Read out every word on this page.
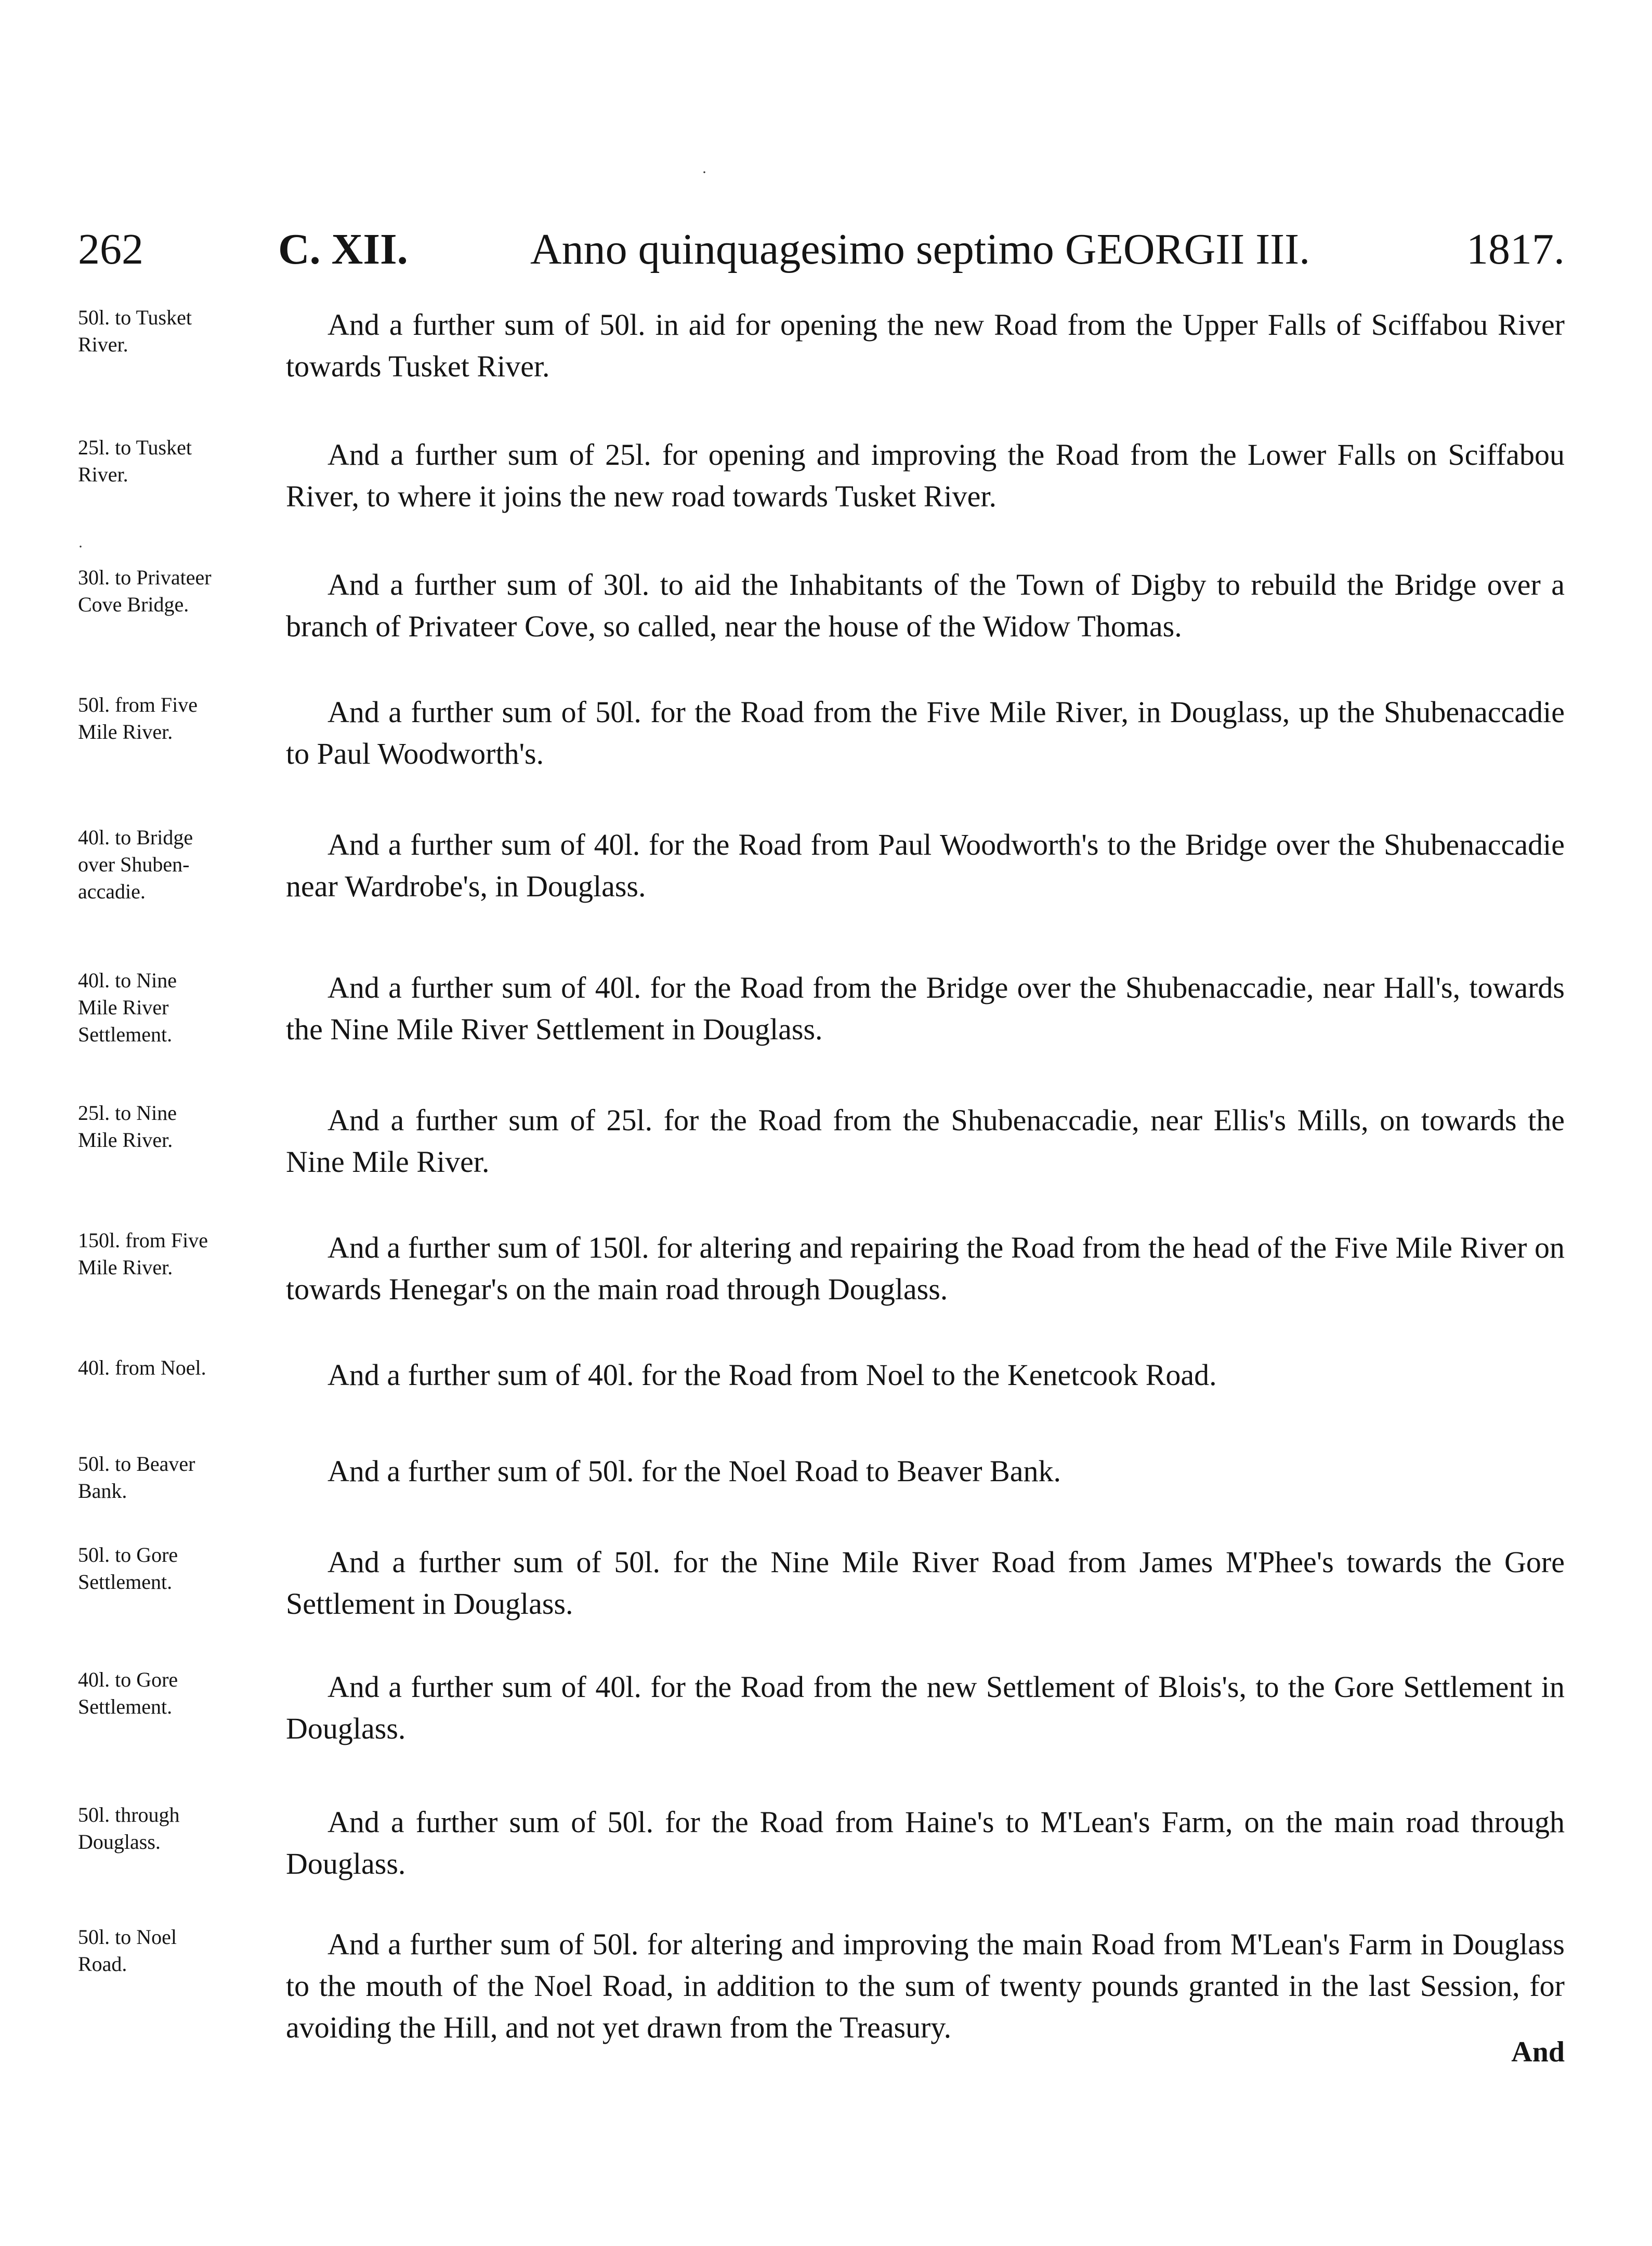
·
·
262	C. XII.	Anno quinquagesimo septimo GEORGII III.	1817.
50l. to Tusket
River.
And a further sum of 50l. in aid for opening the new Road from the Upper Falls of Sciffabou River towards Tusket River.
25l. to Tusket
River.
And a further sum of 25l. for opening and improving the Road from the Lower Falls on Sciffabou River, to where it joins the new road towards Tusket River.
30l. to Privateer
Cove Bridge.
And a further sum of 30l. to aid the Inhabitants of the Town of Digby to rebuild the Bridge over a branch of Privateer Cove, so called, near the house of the Widow Thomas.
50l. from Five
Mile River.
And a further sum of 50l. for the Road from the Five Mile River, in Douglass, up the Shubenaccadie to Paul Woodworth's.
40l. to Bridge
over Shuben-
accadie.
And a further sum of 40l. for the Road from Paul Woodworth's to the Bridge over the Shubenaccadie near Wardrobe's, in Douglass.
40l. to Nine
Mile River
Settlement.
And a further sum of 40l. for the Road from the Bridge over the Shubenaccadie, near Hall's, towards the Nine Mile River Settlement in Douglass.
25l. to Nine
Mile River.
And a further sum of 25l. for the Road from the Shubenaccadie, near Ellis's Mills, on towards the Nine Mile River.
150l. from Five
Mile River.
And a further sum of 150l. for altering and repairing the Road from the head of the Five Mile River on towards Henegar's on the main road through Douglass.
40l. from Noel.	And a further sum of 40l. for the Road from Noel to the Kenetcook Road.
50l. to Beaver
Bank.
And a further sum of 50l. for the Noel Road to Beaver Bank.
50l. to Gore
Settlement.
And a further sum of 50l. for the Nine Mile River Road from James M'Phee's towards the Gore Settlement in Douglass.
40l. to Gore
Settlement.
And a further sum of 40l. for the Road from the new Settlement of Blois's, to the Gore Settlement in Douglass.
50l. through
Douglass.
And a further sum of 50l. for the Road from Haine's to M'Lean's Farm, on the main road through Douglass.
50l. to Noel
Road.
And a further sum of 50l. for altering and improving the main Road from M'Lean's Farm in Douglass to the mouth of the Noel Road, in addition to the sum of twenty pounds granted in the last Session, for avoiding the Hill, and not yet drawn from the Treasury.
And
